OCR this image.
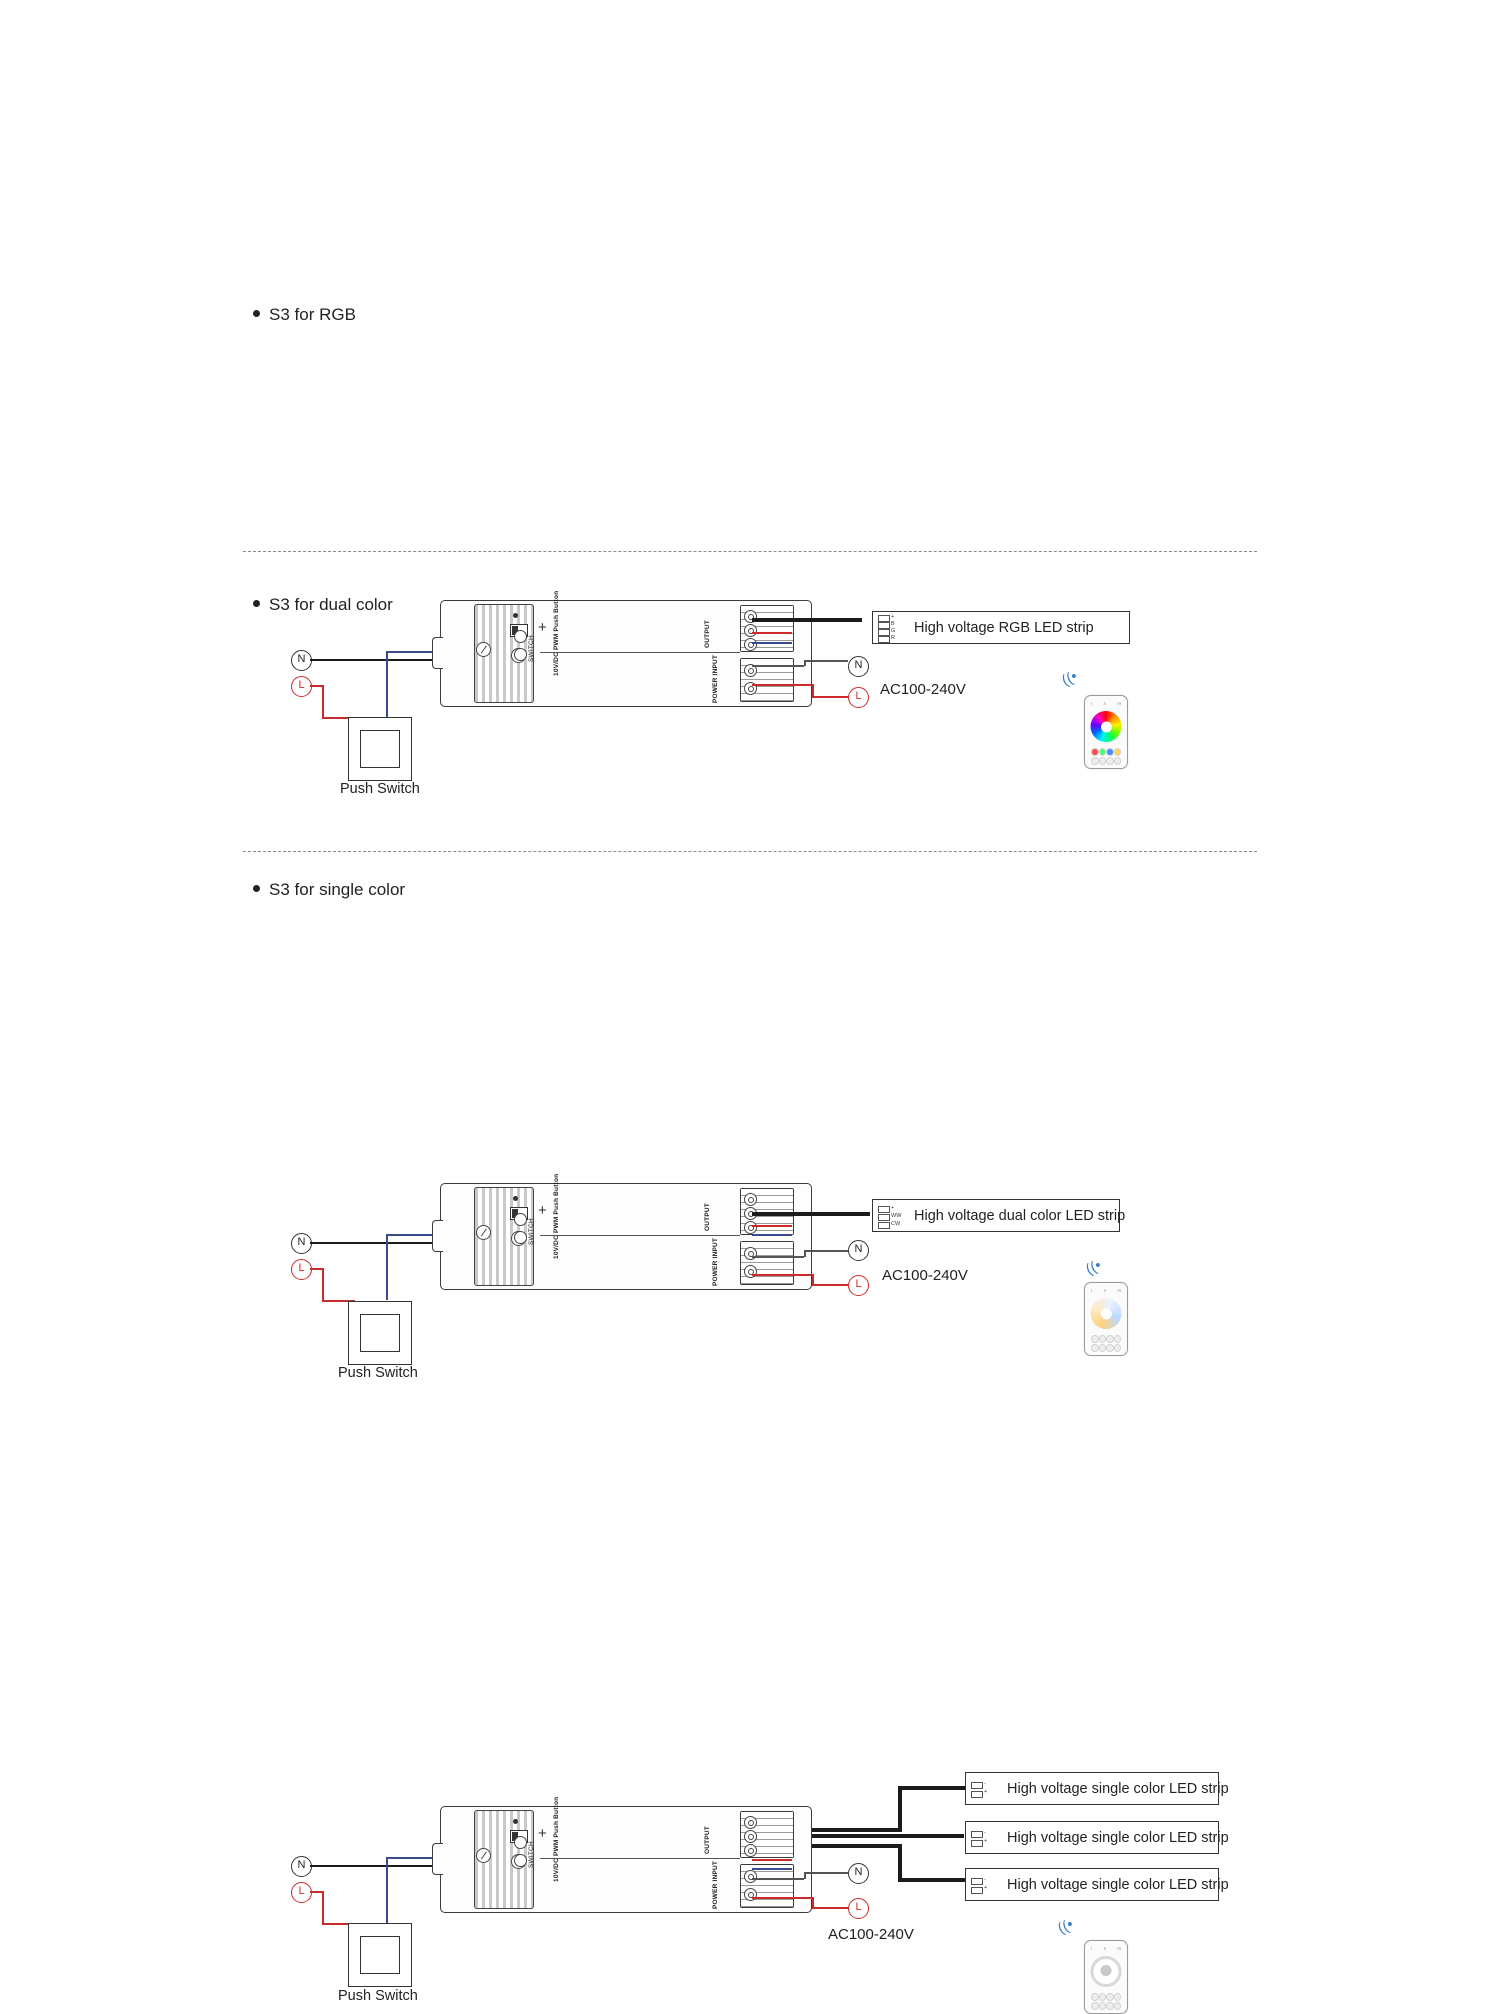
S3 for RGB
N
L
Push Switch
+
SWITCH	10V/DC PWM Push Button	OUTPUT
POWER INPUT
+
B
G
R
High voltage RGB LED strip
N
L	AC100-240V
((•
I II III
S3 for dual color
N
L
Push Switch
+
SWITCH	10V/DC PWM Push Button	OUTPUT
POWER INPUT
+
WW
CW
High voltage dual color LED strip
N
L	AC100-240V	((•
I II III
S3 for single color
N
L
Push Switch
+
SWITCH	10V/DC PWM Push Button	OUTPUT
POWER INPUT
-
+ High voltage single color LED strip
-
+ High voltage single color LED strip
-
+ High voltage single color LED strip
N
L
AC100-240V	((•
I II III
